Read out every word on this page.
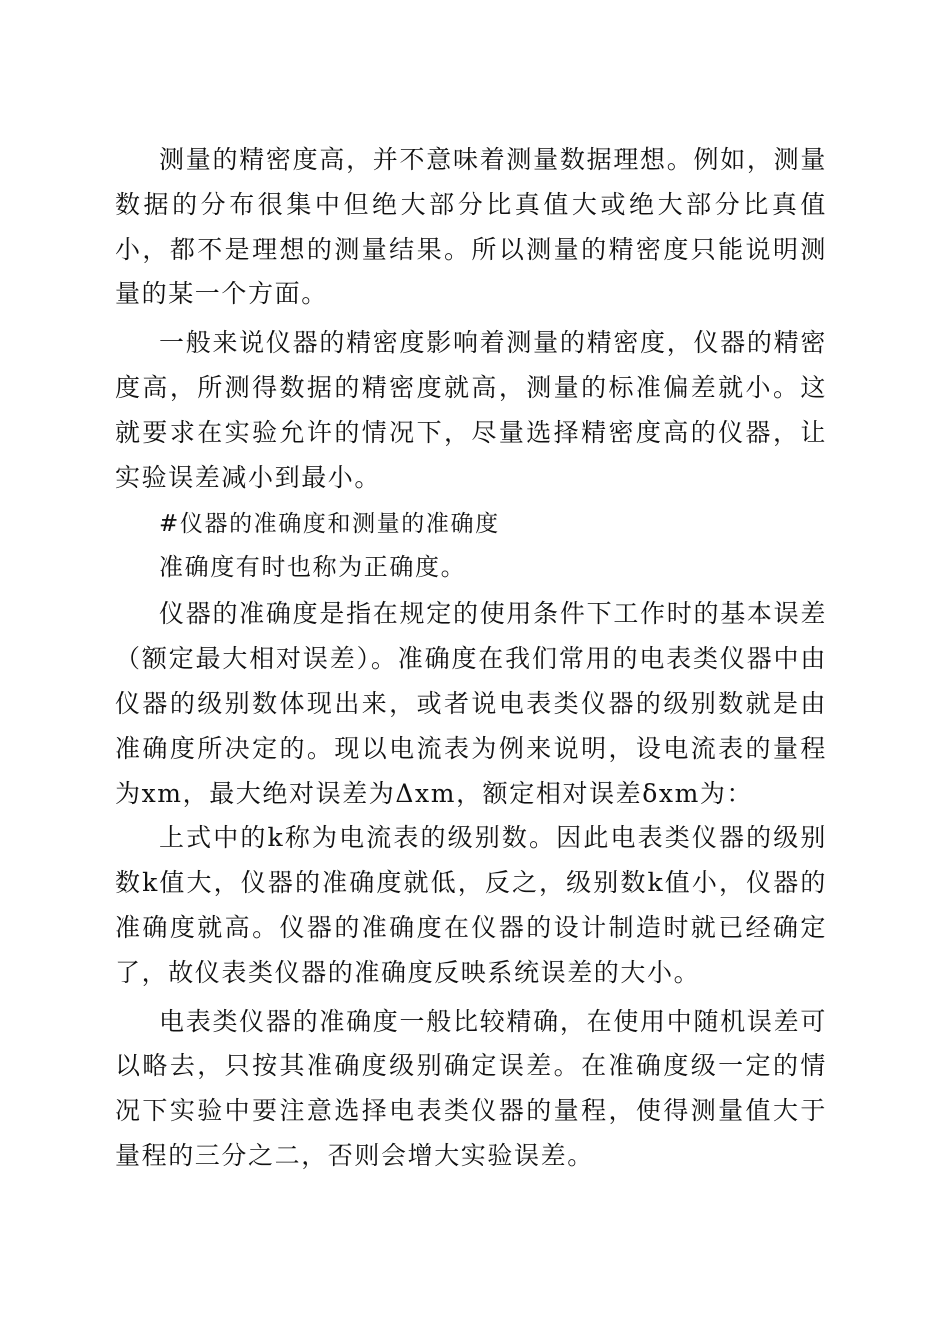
测量的精密度高，并不意味着测量数据理想。例如，测量数据的分布很集中但绝大部分比真值大或绝大部分比真值小，都不是理想的测量结果。所以测量的精密度只能说明测量的某一个方面。

一般来说仪器的精密度影响着测量的精密度，仪器的精密度高，所测得数据的精密度就高，测量的标准偏差就小。这就要求在实验允许的情况下，尽量选择精密度高的仪器，让实验误差减小到最小。

#仪器的准确度和测量的准确度

准确度有时也称为正确度。

仪器的准确度是指在规定的使用条件下工作时的基本误差（额定最大相对误差）。准确度在我们常用的电表类仪器中由仪器的级别数体现出来，或者说电表类仪器的级别数就是由准确度所决定的。现以电流表为例来说明，设电流表的量程为xm，最大绝对误差为Δxm，额定相对误差δxm为：

上式中的k称为电流表的级别数。因此电表类仪器的级别数k值大，仪器的准确度就低，反之，级别数k值小，仪器的准确度就高。仪器的准确度在仪器的设计制造时就已经确定了，故仪表类仪器的准确度反映系统误差的大小。

电表类仪器的准确度一般比较精确，在使用中随机误差可以略去，只按其准确度级别确定误差。在准确度级一定的情况下实验中要注意选择电表类仪器的量程，使得测量值大于量程的三分之二，否则会增大实验误差。
